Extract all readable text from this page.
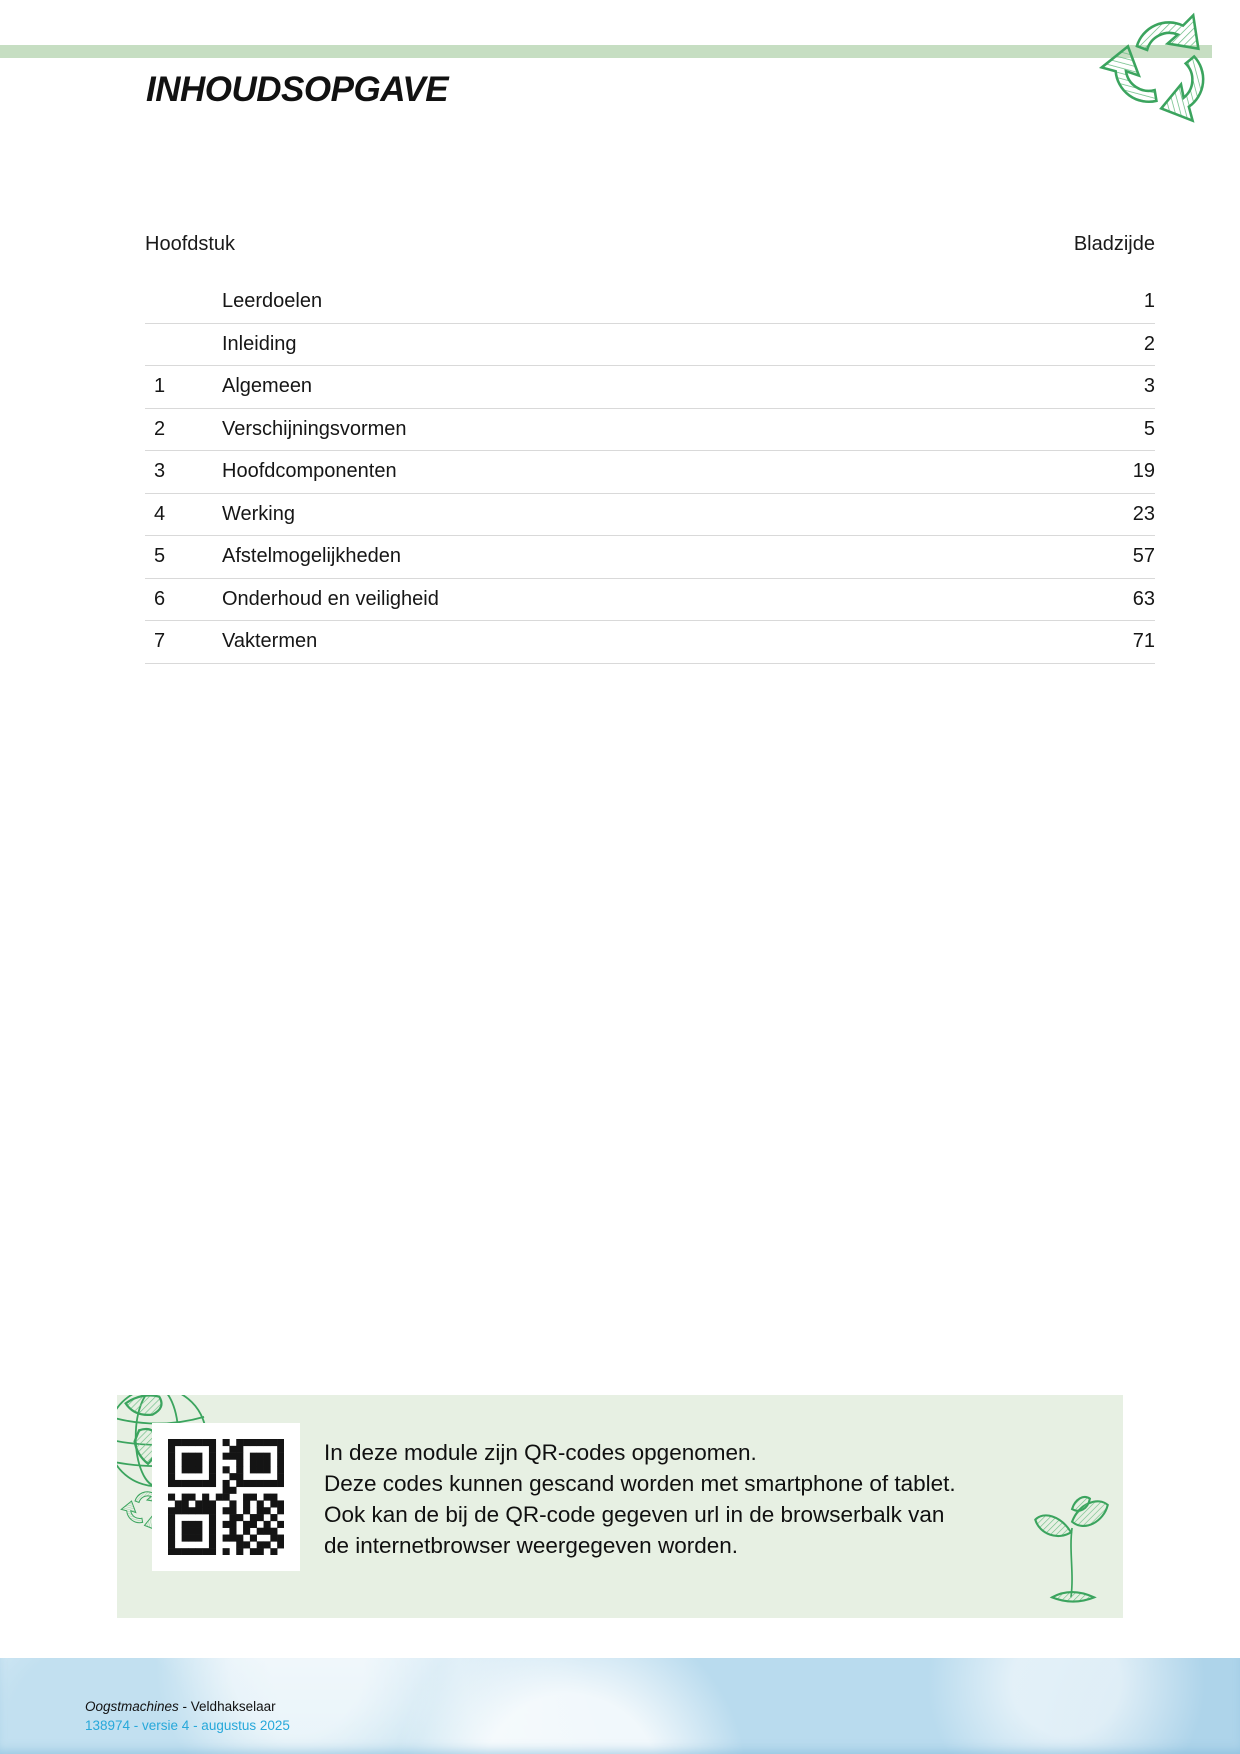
INHOUDSOPGAVE
Hoofdstuk	Bladzijde
Leerdoelen	1
Inleiding	2
1	Algemeen	3
2	Verschijningsvormen	5
3	Hoofdcomponenten	19
4	Werking	23
5	Afstelmogelijkheden	57
6	Onderhoud en veiligheid	63
7	Vaktermen	71
In deze module zijn QR-codes opgenomen.
Deze codes kunnen gescand worden met smartphone of tablet.
Ook kan de bij de QR-code gegeven url in de browserbalk van
de internetbrowser weergegeven worden.
Oogstmachines - Veldhakselaar
138974 - versie 4 - augustus 2025
